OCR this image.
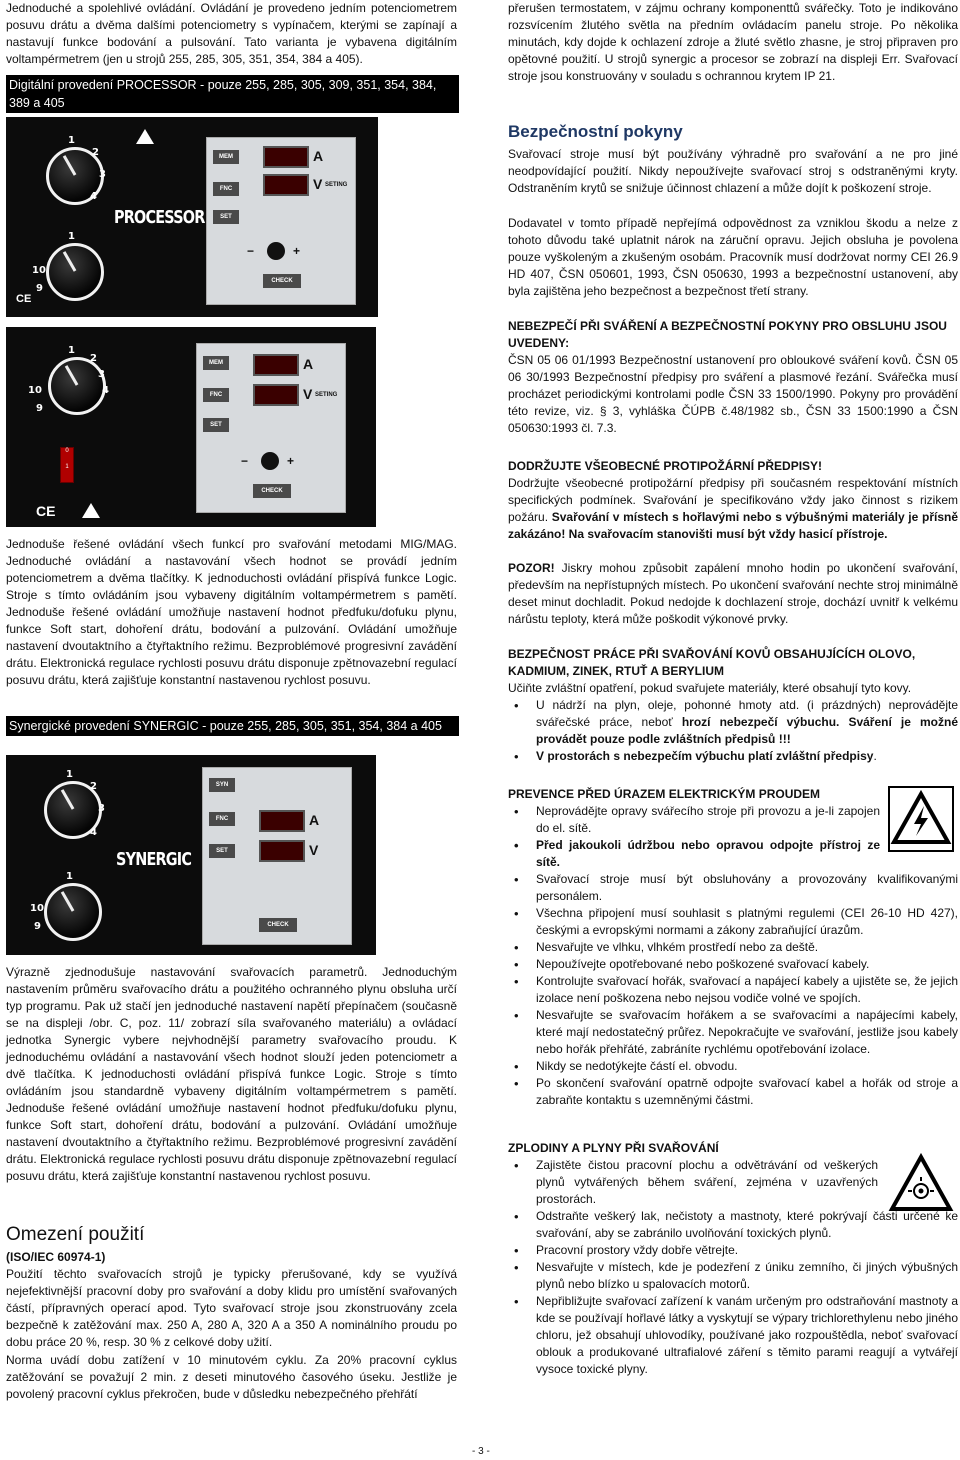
Jednoduché a spolehlivé ovládání. Ovládání je provedeno jedním potenciometrem posuvu drátu a dvěma dalšími potenciometry s vypínačem, kterými se zapínají a nastavují funkce bodování a pulsování. Tato varianta je vybavena digitálním voltampérmetrem (jen u strojů 255, 285, 305, 351, 354, 384 a 405).

Digitální provedení PROCESSOR - pouze 255, 285, 305, 309, 351, 354, 384, 389 a 405

Jednoduše řešené ovládání všech funkcí pro svařování metodami MIG/MAG. Jednoduché ovládání a nastavování všech hodnot se provádí jedním potenciometrem a dvěma tlačítky. K jednoduchosti ovládání přispívá funkce Logic. Stroje s tímto ovládáním jsou vybaveny digitálním voltampérmetrem s pamětí. Jednoduše řešené ovládání umožňuje nastavení hodnot předfuku/dofuku plynu, funkce Soft start, dohoření drátu, bodování a pulzování. Ovládání umožňuje nastavení dvoutaktního a čtyřtaktního režimu. Bezproblémové progresivní zavádění drátu. Elektronická regulace rychlosti posuvu drátu disponuje zpětnovazební regulací posuvu drátu, která zajišťuje konstantní nastavenou rychlost posuvu.

Synergické provedení SYNERGIC - pouze 255, 285, 305, 351, 354, 384 a 405

Výrazně zjednodušuje nastavování svařovacích parametrů. Jednoduchým nastavením průměru svařovacího drátu a použitého ochranného plynu obsluha určí typ programu. Pak už stačí jen jednoduché nastavení napětí přepínačem (současně se na displeji /obr. C, poz. 11/ zobrazí síla svařovaného materiálu) a ovládací jednotka Synergic vybere nejvhodnější parametry svařovacího proudu. K jednoduchému ovládání a nastavování všech hodnot slouží jeden potenciometr a dvě tlačítka. K jednoduchosti ovládání přispívá funkce Logic. Stroje s tímto ovládáním jsou standardně vybaveny digitálním voltampérmetrem s pamětí. Jednoduše řešené ovládání umožňuje nastavení hodnot předfuku/dofuku plynu, funkce Soft start, dohoření drátu, bodování a pulzování. Ovládání umožňuje nastavení dvoutaktního a čtyřtaktního režimu. Bezproblémové progresivní zavádění drátu. Elektronická regulace rychlosti posuvu drátu disponuje zpětnovazební regulací posuvu drátu, která zajišťuje konstantní nastavenou rychlost posuvu.

Omezení použití
(ISO/IEC 60974-1)

Použití těchto svařovacích strojů je typicky přerušované, kdy se využívá nejefektivnější pracovní doby pro svařování a doby klidu pro umístění svařovaných částí, přípravných operací apod. Tyto svařovací stroje jsou zkonstruovány zcela bezpečně k zatěžování max. 250 A, 280 A, 320 A a 350 A nominálního proudu po dobu práce 20 %, resp. 30 % z celkové doby užití.

Norma uvádí dobu zatížení v 10 minutovém cyklu. Za 20% pracovní cyklus zatěžování se považují 2 min. z deseti minutového časového úseku. Jestliže je povolený pracovní cyklus překročen, bude v důsledku nebezpečného přehřátí

1
2
3
4
1
10
9
PROCESSOR
CE
MEM
FNC
SET
A
V SETING
−	+
CHECK
1
2
3
4
10
9
0
1
CE
MEM
FNC
SET
A
V SETING
−	+
CHECK
1
2
3
4
1
10
9
SYNERGIC
SYN
FNC
SET
A
V
CHECK

přerušen termostatem, v zájmu ochrany komponenttů svářečky. Toto je indikováno rozsvícením žlutého světla na předním ovládacím panelu stroje. Po několika minutách, kdy dojde k ochlazení zdroje a žluté světlo zhasne, je stroj připraven pro opětovné použití. U strojů synergic a procesor se zobrazí na displeji Err. Svařovací stroje jsou konstruovány v souladu s ochrannou krytem IP 21.

Bezpečnostní pokyny

Svařovací stroje musí být používány výhradně pro svařování a ne pro jiné neodpovídající použití. Nikdy nepoužívejte svařovací stroj s odstraněnými kryty. Odstraněním krytů se snižuje účinnost chlazení a může dojít k poškození stroje.

Dodavatel v tomto případě nepřejímá odpovědnost za vzniklou škodu a nelze z tohoto důvodu také uplatnit nárok na záruční opravu. Jejich obsluha je povolena pouze vyškoleným a zkušeným osobám. Pracovník musí dodržovat normy CEI 26.9 HD 407, ČSN 050601, 1993, ČSN 050630, 1993 a bezpečnostní ustanovení, aby byla zajištěna jeho bezpečnost a bezpečnost třetí strany.

NEBEZPEČÍ PŘI SVÁŘENÍ A BEZPEČNOSTNÍ POKYNY PRO OBSLUHU JSOU UVEDENY:

ČSN 05 06 01/1993 Bezpečnostní ustanovení pro obloukové sváření kovů. ČSN 05 06 30/1993 Bezpečnostní předpisy pro sváření a plasmové řezání. Svářečka musí procházet periodickými kontrolami podle ČSN 33 1500/1990. Pokyny pro provádění této revize, viz. § 3, vyhláška ČÚPB č.48/1982 sb., ČSN 33 1500:1990 a ČSN 050630:1993 čl. 7.3.

DODRŽUJTE VŠEOBECNÉ PROTIPOŽÁRNÍ PŘEDPISY!

Dodržujte všeobecné protipožární předpisy při současném respektování místních specifických podmínek. Svařování je specifikováno vždy jako činnost s rizikem požáru. Svařování v místech s hořlavými nebo s výbušnými materiály je přísně zakázáno! Na svařovacím stanovišti musí být vždy hasicí přístroje.

POZOR! Jiskry mohou způsobit zapálení mnoho hodin po ukončení svařování, především na nepřístupných místech. Po ukončení svařování nechte stroj minimálně deset minut dochladit. Pokud nedojde k dochlazení stroje, dochází uvnitř k velkému nárůstu teploty, která může poškodit výkonové prvky.

BEZPEČNOST PRÁCE PŘI SVAŘOVÁNÍ KOVŮ OBSAHUJÍCÍCH OLOVO, KADMIUM, ZINEK, RTUŤ A BERYLIUM

Učiňte zvláštní opatření, pokud svařujete materiály, které obsahují tyto kovy.

• U nádrží na plyn, oleje, pohonné hmoty atd. (i prázdných) neprovádějte svářečské práce, neboť hrozí nebezpečí výbuchu. Sváření je možné provádět pouze podle zvláštních předpisů !!!
• V prostorách s nebezpečím výbuchu platí zvláštní předpisy.
PREVENCE PŘED ÚRAZEM ELEKTRICKÝM PROUDEM
• Neprovádějte opravy svářecího stroje při provozu a je-li zapojen do el. sítě.
• Před jakoukoli údržbou nebo opravou odpojte přístroj ze sítě.
• Svařovací stroje musí být obsluhovány a provozovány kvalifikovanými personálem.
• Všechna připojení musí souhlasit s platnými regulemi (CEI 26-10 HD 427), českými a evropskými normami a zákony zabraňující úrazům.
• Nesvařujte ve vlhku, vlhkém prostředí nebo za deště.
• Nepoužívejte opotřebované nebo poškozené svařovací kabely.
• Kontrolujte svařovací hořák, svařovací a napájecí kabely a ujistěte se, že jejich izolace není poškozena nebo nejsou vodiče volné ve spojích.
• Nesvařujte se svařovacím hořákem a se svařovacími a napájecími kabely, které mají nedostatečný průřez. Nepokračujte ve svařování, jestliže jsou kabely nebo hořák přehřáté, zabráníte rychlému opotřebování izolace.
• Nikdy se nedotýkejte částí el. obvodu.
• Po skončení svařování opatrně odpojte svařovací kabel a hořák od stroje a zabraňte kontaktu s uzemněnými částmi.
ZPLODINY A PLYNY PŘI SVAŘOVÁNÍ
• Zajistěte čistou pracovní plochu a odvětrávání od veškerých plynů vytvářených během sváření, zejména v uzavřených prostorách.
• Odstraňte veškerý lak, nečistoty a mastnoty, které pokrývají části určené ke svařování, aby se zabránilo uvolňování toxických plynů.
• Pracovní prostory vždy dobře větrejte.
• Nesvařujte v místech, kde je podezření z úniku zemního, či jiných výbušných plynů nebo blízko u spalovacích motorů.
• Nepřibližujte svařovací zařízení k vanám určeným pro odstraňování mastnoty a kde se používají hořlavé látky a vyskytují se výpary trichlorethylenu nebo jiného chloru, jež obsahují uhlovodíky, používané jako rozpouštědla, neboť svařovací oblouk a produkované ultrafialové záření s těmito parami reagují a vytvářejí vysoce toxické plyny.
- 3 -
